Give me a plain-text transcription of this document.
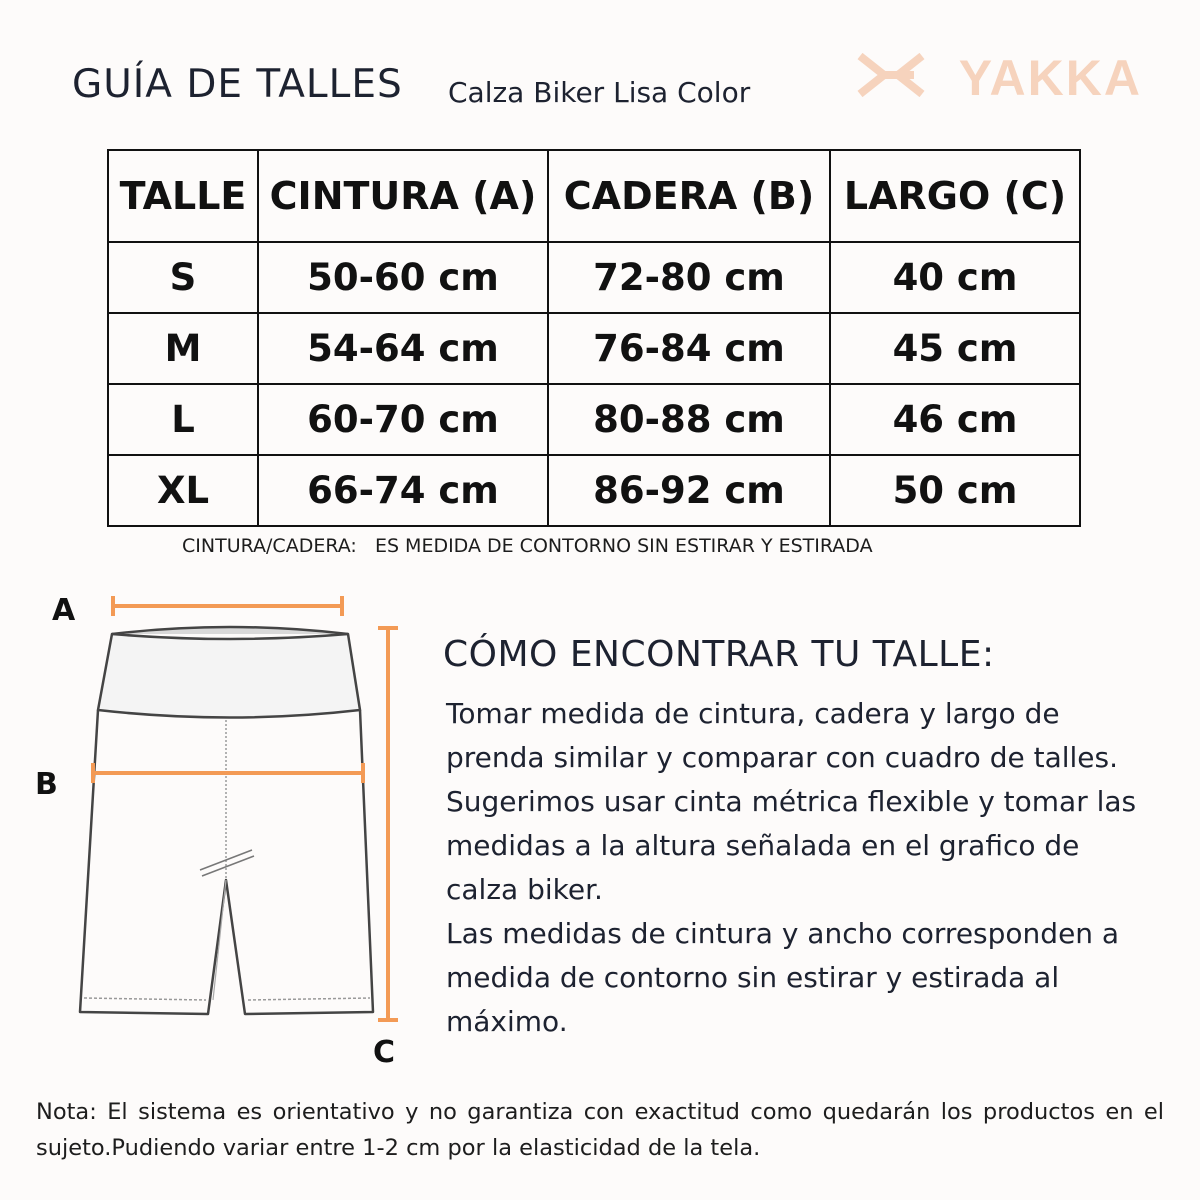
GUÍA DE TALLES Calza Biker Lisa Color	YAKKA
TALLE	CINTURA (A)	CADERA (B)	LARGO (C)
S	50-60 cm	72-80 cm	40 cm
M	54-64 cm	76-84 cm	45 cm
L	60-70 cm	80-88 cm	46 cm
XL	66-74 cm	86-92 cm	50 cm
CINTURA/CADERA:   ES MEDIDA DE CONTORNO SIN ESTIRAR Y ESTIRADA
A
B
C
CÓMO ENCONTRAR TU TALLE:

Tomar medida de cintura, cadera y largo de prenda similar y comparar con cuadro de talles. Sugerimos usar cinta métrica flexible y tomar las medidas a la altura señalada en el grafico de calza biker.

Las medidas de cintura y ancho corresponden a medida de contorno sin estirar y estirada al máximo.

Nota: El sistema es orientativo y no garantiza con exactitud como quedarán los productos en el sujeto.Pudiendo variar entre 1-2 cm por la elasticidad de la tela.
